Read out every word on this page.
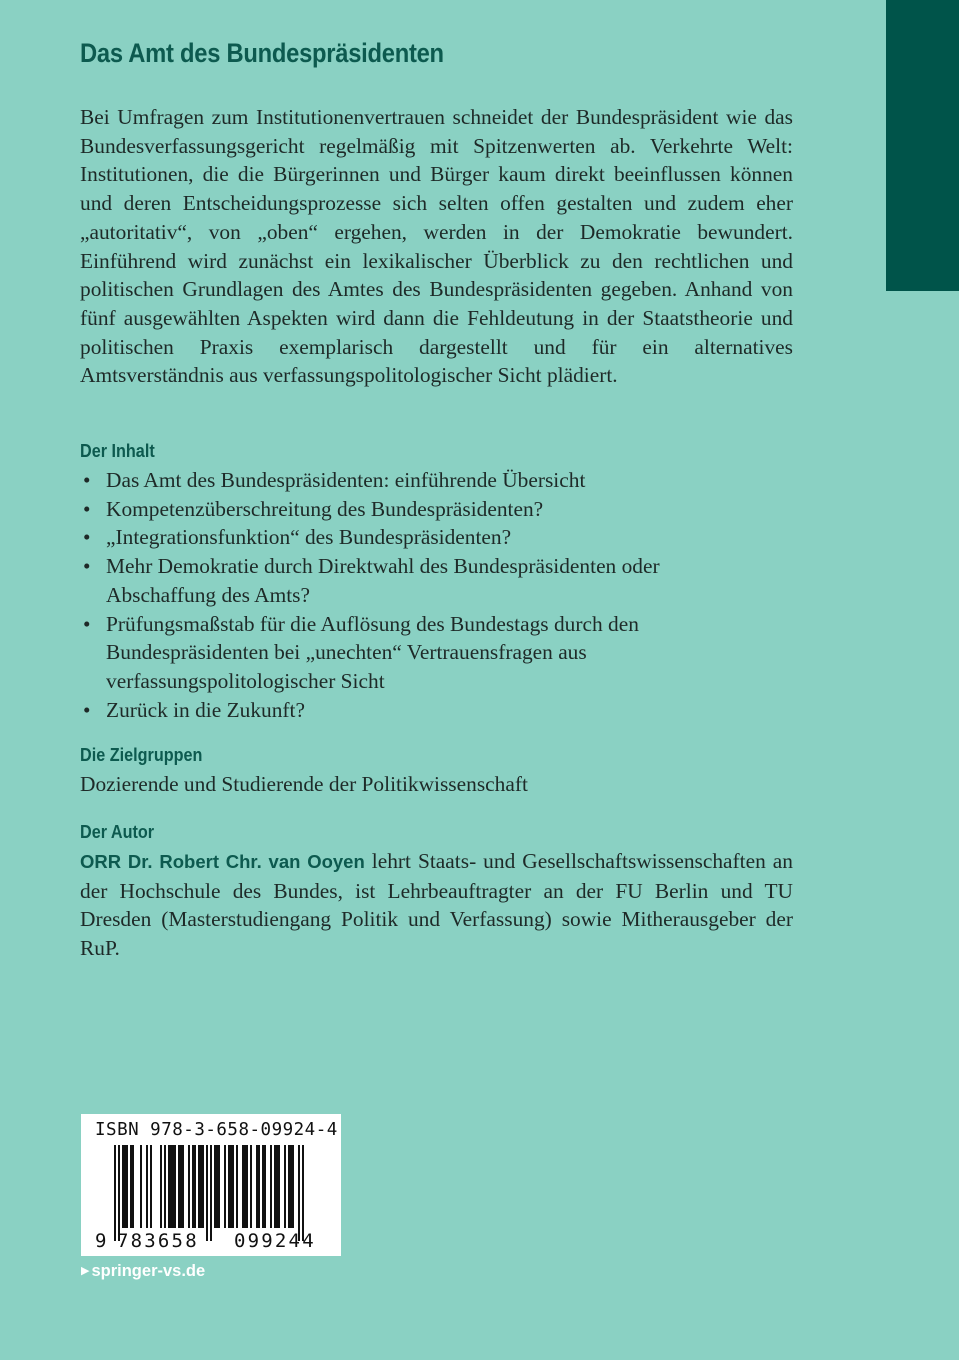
Das Amt des Bundespräsidenten

Bei Umfragen zum Institutionenvertrauen schneidet der Bundespräsident wie das Bundesverfassungsgericht regelmäßig mit Spitzenwerten ab. Verkehrte Welt: Institutionen, die die Bürgerinnen und Bürger kaum direkt beeinflussen können und deren Entscheidungsprozesse sich selten offen gestalten und zudem eher „autoritativ“, von „oben“ ergehen, werden in der Demokratie bewundert. Einführend wird zunächst ein lexikalischer Überblick zu den rechtlichen und politischen Grundlagen des Amtes des Bundespräsidenten gegeben. Anhand von fünf ausgewählten Aspekten wird dann die Fehldeutung in der Staatstheorie und politischen Praxis exemplarisch dargestellt und für ein alternatives Amtsverständnis aus verfassungspolitologischer Sicht plädiert.

Der Inhalt
• Das Amt des Bundespräsidenten: einführende Übersicht
• Kompetenzüberschreitung des Bundespräsidenten?
• „Integrationsfunktion“ des Bundespräsidenten?
• Mehr Demokratie durch Direktwahl des Bundespräsidenten oder Abschaffung des Amts?
• Prüfungsmaßstab für die Auflösung des Bundestags durch den Bundespräsidenten bei „unechten“ Vertrauensfragen aus verfassungspolitologischer Sicht
• Zurück in die Zukunft?
Die Zielgruppen
Dozierende und Studierende der Politikwissenschaft
Der Autor

ORR Dr. Robert Chr. van Ooyen lehrt Staats- und Gesellschaftswissenschaften an der Hochschule des Bundes, ist Lehrbeauftragter an der FU Berlin und TU Dresden (Masterstudiengang Politik und Verfassung) sowie Mitherausgeber der RuP.

ISBN 978-3-658-09924-4
9 783658 099244
▶ springer-vs.de
